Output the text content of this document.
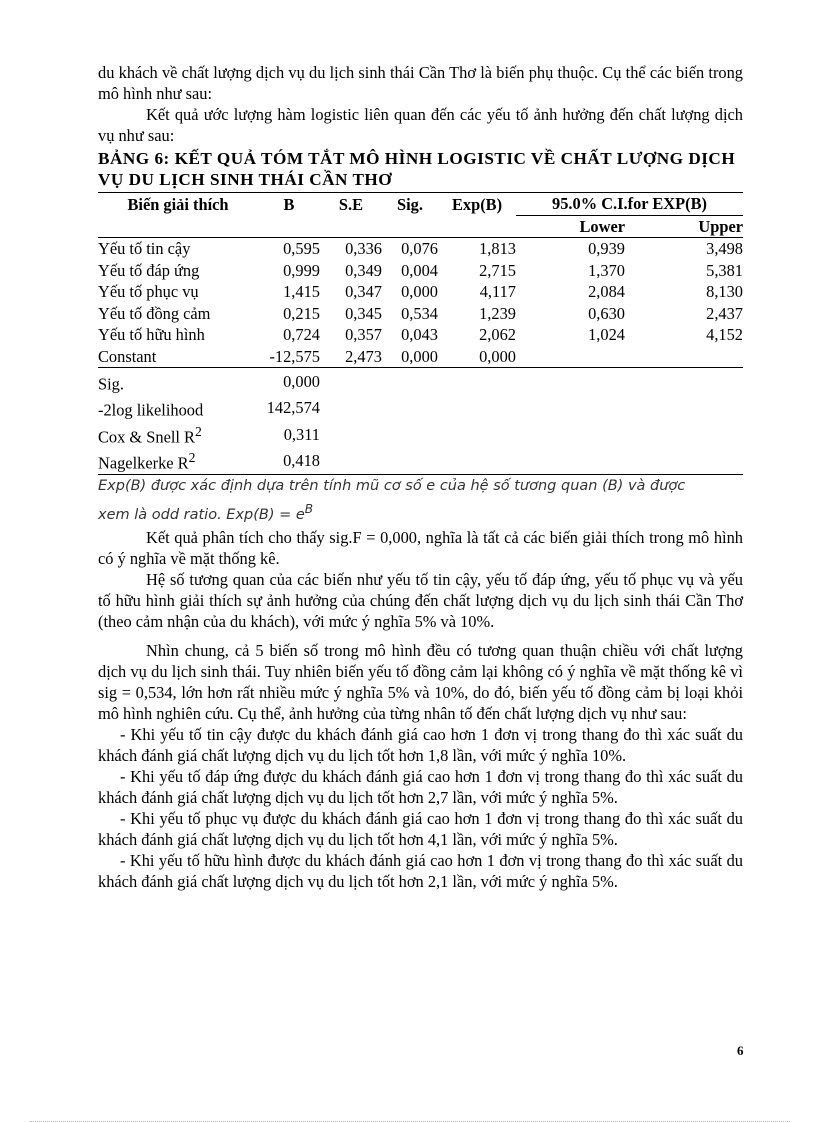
du khách về chất lượng dịch vụ du lịch sinh thái Cần Thơ là biến phụ thuộc. Cụ thể các biến trong mô hình như sau:

Kết quả ước lượng hàm logistic liên quan đến các yếu tố ảnh hưởng đến chất lượng dịch vụ như sau:

BẢNG 6: KẾT QUẢ TÓM TẮT MÔ HÌNH LOGISTIC VỀ CHẤT LƯỢNG DỊCH VỤ DU LỊCH SINH THÁI CẦN THƠ
Biến giải thích	B	S.E	Sig.	Exp(B)	95.0% C.I.for EXP(B)	
					Lower	Upper
Yếu tố tin cậy	0,595	0,336	0,076	1,813	0,939	3,498
Yếu tố đáp ứng	0,999	0,349	0,004	2,715	1,370	5,381
Yếu tố phục vụ	1,415	0,347	0,000	4,117	2,084	8,130
Yếu tố đồng cảm	0,215	0,345	0,534	1,239	0,630	2,437
Yếu tố hữu hình	0,724	0,357	0,043	2,062	1,024	4,152
Constant	-12,575	2,473	0,000	0,000		
Sig.	0,000					
-2log likelihood	142,574					
Cox & Snell $R^2$	0,311					
Nagelkerke $R^2$	0,418					
Exp(B) được xác định dựa trên tính mũ cơ số e của hệ số tương quan (B) và được
xem là odd ratio. $Exp(B) = e^B$

Kết quả phân tích cho thấy sig.F = 0,000, nghĩa là tất cả các biến giải thích trong mô hình có ý nghĩa về mặt thống kê.

Hệ số tương quan của các biến như yếu tố tin cậy, yếu tố đáp ứng, yếu tố phục vụ và yếu tố hữu hình giải thích sự ảnh hưởng của chúng đến chất lượng dịch vụ du lịch sinh thái Cần Thơ (theo cảm nhận của du khách), với mức ý nghĩa 5% và 10%.

Nhìn chung, cả 5 biến số trong mô hình đều có tương quan thuận chiều với chất lượng dịch vụ du lịch sinh thái. Tuy nhiên biến yếu tố đồng cảm lại không có ý nghĩa về mặt thống kê vì sig = 0,534, lớn hơn rất nhiều mức ý nghĩa 5% và 10%, do đó, biến yếu tố đồng cảm bị loại khỏi mô hình nghiên cứu. Cụ thể, ảnh hưởng của từng nhân tố đến chất lượng dịch vụ như sau:

- Khi yếu tố tin cậy được du khách đánh giá cao hơn 1 đơn vị trong thang đo thì xác suất du khách đánh giá chất lượng dịch vụ du lịch tốt hơn 1,8 lần, với mức ý nghĩa 10%.

- Khi yếu tố đáp ứng được du khách đánh giá cao hơn 1 đơn vị trong thang đo thì xác suất du khách đánh giá chất lượng dịch vụ du lịch tốt hơn 2,7 lần, với mức ý nghĩa 5%.

- Khi yếu tố phục vụ được du khách đánh giá cao hơn 1 đơn vị trong thang đo thì xác suất du khách đánh giá chất lượng dịch vụ du lịch tốt hơn 4,1 lần, với mức ý nghĩa 5%.

- Khi yếu tố hữu hình được du khách đánh giá cao hơn 1 đơn vị trong thang đo thì xác suất du khách đánh giá chất lượng dịch vụ du lịch tốt hơn 2,1 lần, với mức ý nghĩa 5%.

6
